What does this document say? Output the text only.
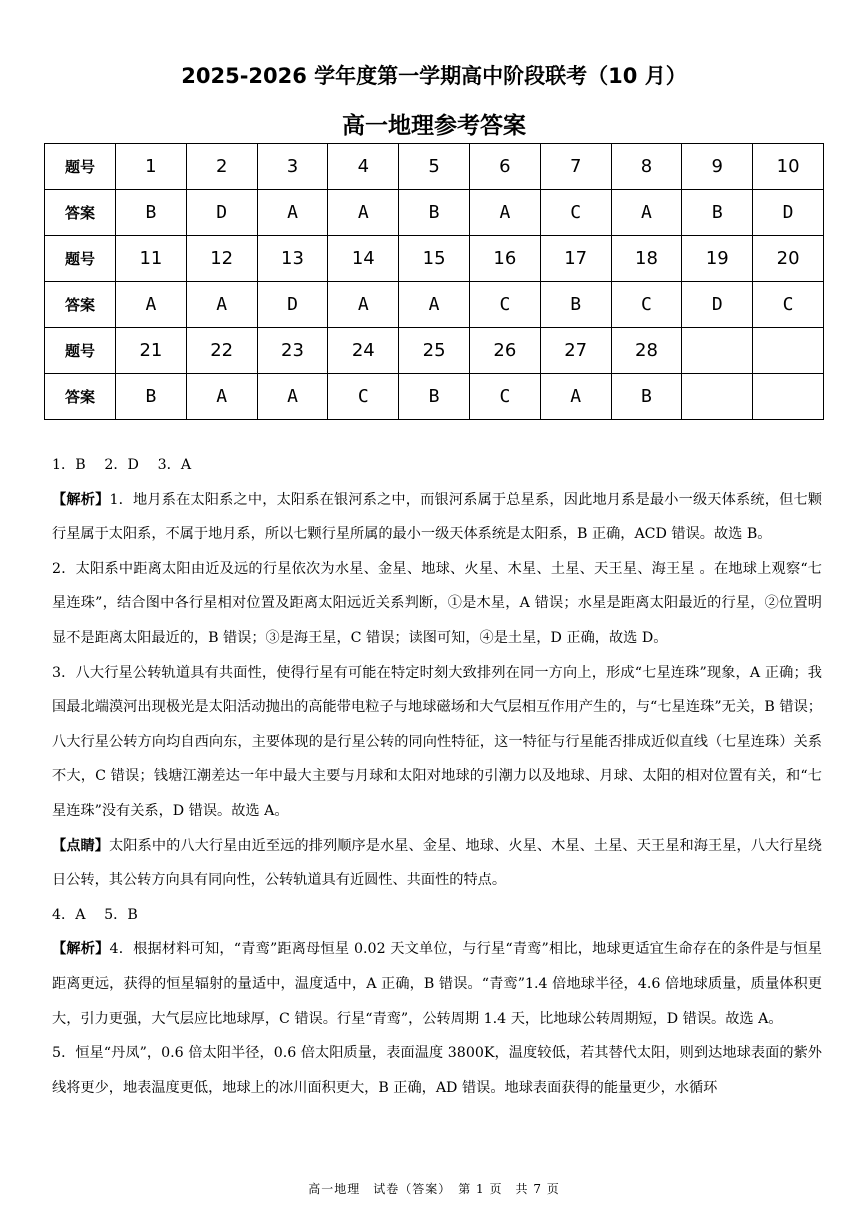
2025-2026 学年度第一学期高中阶段联考（10 月）
高一地理参考答案
题号	1	2	3	4	5	6	7	8	9	10
答案	B	D	A	A	B	A	C	A	B	D
题号	11	12	13	14	15	16	17	18	19	20
答案	A	A	D	A	A	C	B	C	D	C
题号	21	22	23	24	25	26	27	28		
答案	B	A	A	C	B	C	A	B		

1．B　 2．D　 3．A

【解析】1．地月系在太阳系之中，太阳系在银河系之中，而银河系属于总星系，因此地月系是最小一级天体系统，但七颗行星属于太阳系，不属于地月系，所以七颗行星所属的最小一级天体系统是太阳系，B 正确，ACD 错误。故选 B。

2．太阳系中距离太阳由近及远的行星依次为水星、金星、地球、火星、木星、土星、天王星、海王星 。在地球上观察“七星连珠”，结合图中各行星相对位置及距离太阳远近关系判断，①是木星，A 错误；水星是距离太阳最近的行星，②位置明显不是距离太阳最近的，B 错误；③是海王星，C 错误；读图可知，④是土星，D 正确，故选 D。

3．八大行星公转轨道具有共面性，使得行星有可能在特定时刻大致排列在同一方向上，形成“七星连珠”现象，A 正确；我国最北端漠河出现极光是太阳活动抛出的高能带电粒子与地球磁场和大气层相互作用产生的，与“七星连珠”无关，B 错误；八大行星公转方向均自西向东，主要体现的是行星公转的同向性特征，这一特征与行星能否排成近似直线（七星连珠）关系不大，C 错误；钱塘江潮差达一年中最大主要与月球和太阳对地球的引潮力以及地球、月球、太阳的相对位置有关，和“七星连珠”没有关系，D 错误。故选 A。

【点睛】太阳系中的八大行星由近至远的排列顺序是水星、金星、地球、火星、木星、土星、天王星和海王星，八大行星绕日公转，其公转方向具有同向性，公转轨道具有近圆性、共面性的特点。

4．A　 5．B

【解析】4．根据材料可知，“青鸾”距离母恒星 0.02 天文单位，与行星“青鸾”相比，地球更适宜生命存在的条件是与恒星距离更远，获得的恒星辐射的量适中，温度适中，A 正确，B 错误。“青鸾”1.4 倍地球半径，4.6 倍地球质量，质量体积更大，引力更强，大气层应比地球厚，C 错误。行星“青鸾”，公转周期 1.4 天，比地球公转周期短，D 错误。故选 A。

5．恒星“丹凤”，0.6 倍太阳半径，0.6 倍太阳质量，表面温度 3800K，温度较低，若其替代太阳，则到达地球表面的紫外线将更少，地表温度更低，地球上的冰川面积更大，B 正确，AD 错误。地球表面获得的能量更少，水循环

高一地理　试卷（答案）　第 1 页　共 7 页
